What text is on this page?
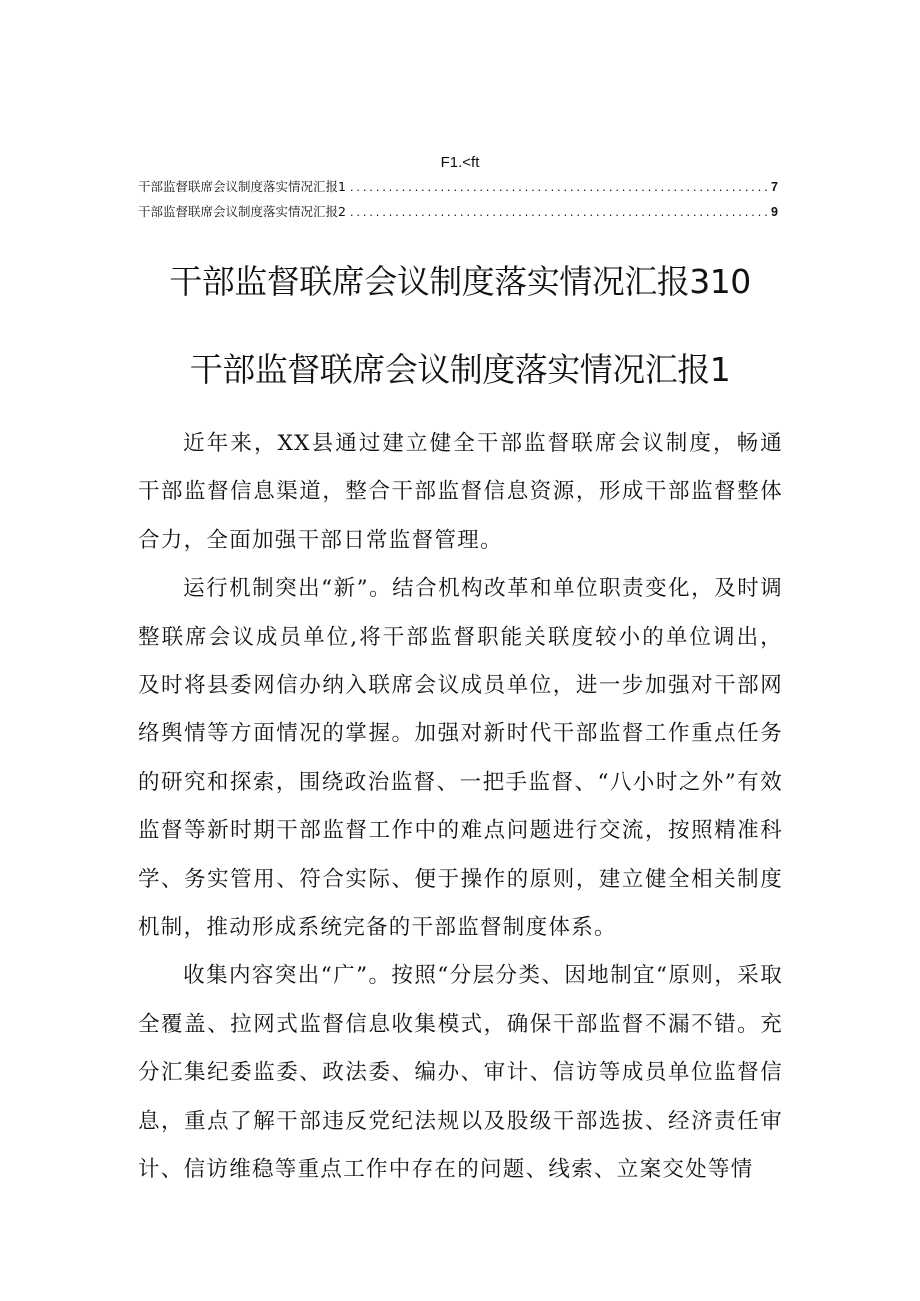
F1.<ft
干部监督联席会议制度落实情况汇报1 .....	7
干部监督联席会议制度落实情况汇报2 .....	9
干部监督联席会议制度落实情况汇报310
干部监督联席会议制度落实情况汇报1

近年来，XX县通过建立健全干部监督联席会议制度，畅通干部监督信息渠道，整合干部监督信息资源，形成干部监督整体合力，全面加强干部日常监督管理。

运行机制突出“新”。结合机构改革和单位职责变化，及时调整联席会议成员单位,将干部监督职能关联度较小的单位调出，及时将县委网信办纳入联席会议成员单位，进一步加强对干部网络舆情等方面情况的掌握。加强对新时代干部监督工作重点任务的研究和探索，围绕政治监督、一把手监督、“八小时之外”有效监督等新时期干部监督工作中的难点问题进行交流，按照精准科学、务实管用、符合实际、便于操作的原则，建立健全相关制度机制，推动形成系统完备的干部监督制度体系。

收集内容突出“广”。按照“分层分类、因地制宜“原则，采取全覆盖、拉网式监督信息收集模式，确保干部监督不漏不错。充分汇集纪委监委、政法委、编办、审计、信访等成员单位监督信息，重点了解干部违反党纪法规以及股级干部选拔、经济责任审计、信访维稳等重点工作中存在的问题、线索、立案交处等情
